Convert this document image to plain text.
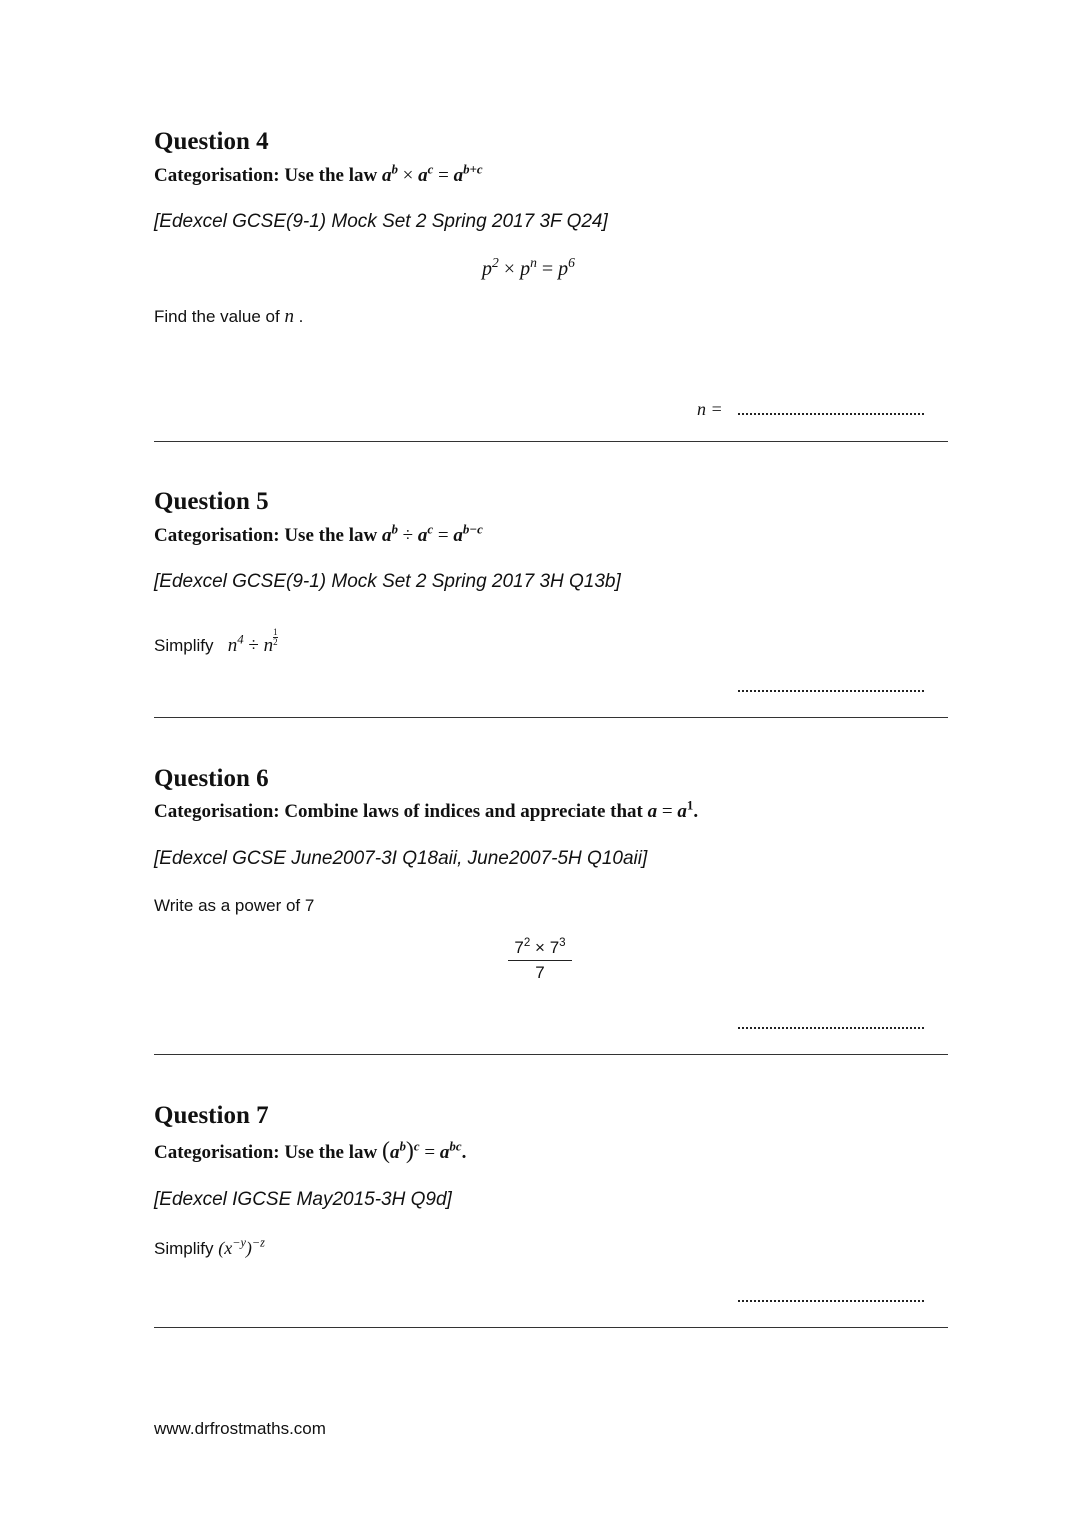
Question 4
Categorisation: Use the law $a^b \times a^c = a^{b+c}$
[Edexcel GCSE(9-1) Mock Set 2 Spring 2017 3F Q24]
$p^2 \times p^n = p^6$
Find the value of n .
n =
Question 5
Categorisation: Use the law $a^b \div a^c = a^{b-c}$
[Edexcel GCSE(9-1) Mock Set 2 Spring 2017 3H Q13b]
Simplify $n^4 \div n \frac{1}{2}$
Question 6
Categorisation: Combine laws of indices and appreciate that $a = a^1$.
[Edexcel GCSE June2007-3I Q18aii, June2007-5H Q10aii]
Write as a power of 7
$\frac{7^2 \times 7^3}{7}$
Question 7
Categorisation: Use the law $(a^b)^c = a^{bc}$.
[Edexcel IGCSE May2015-3H Q9d]
Simplify $(x^{-y})^{-z}$
www.drfrostmaths.com
